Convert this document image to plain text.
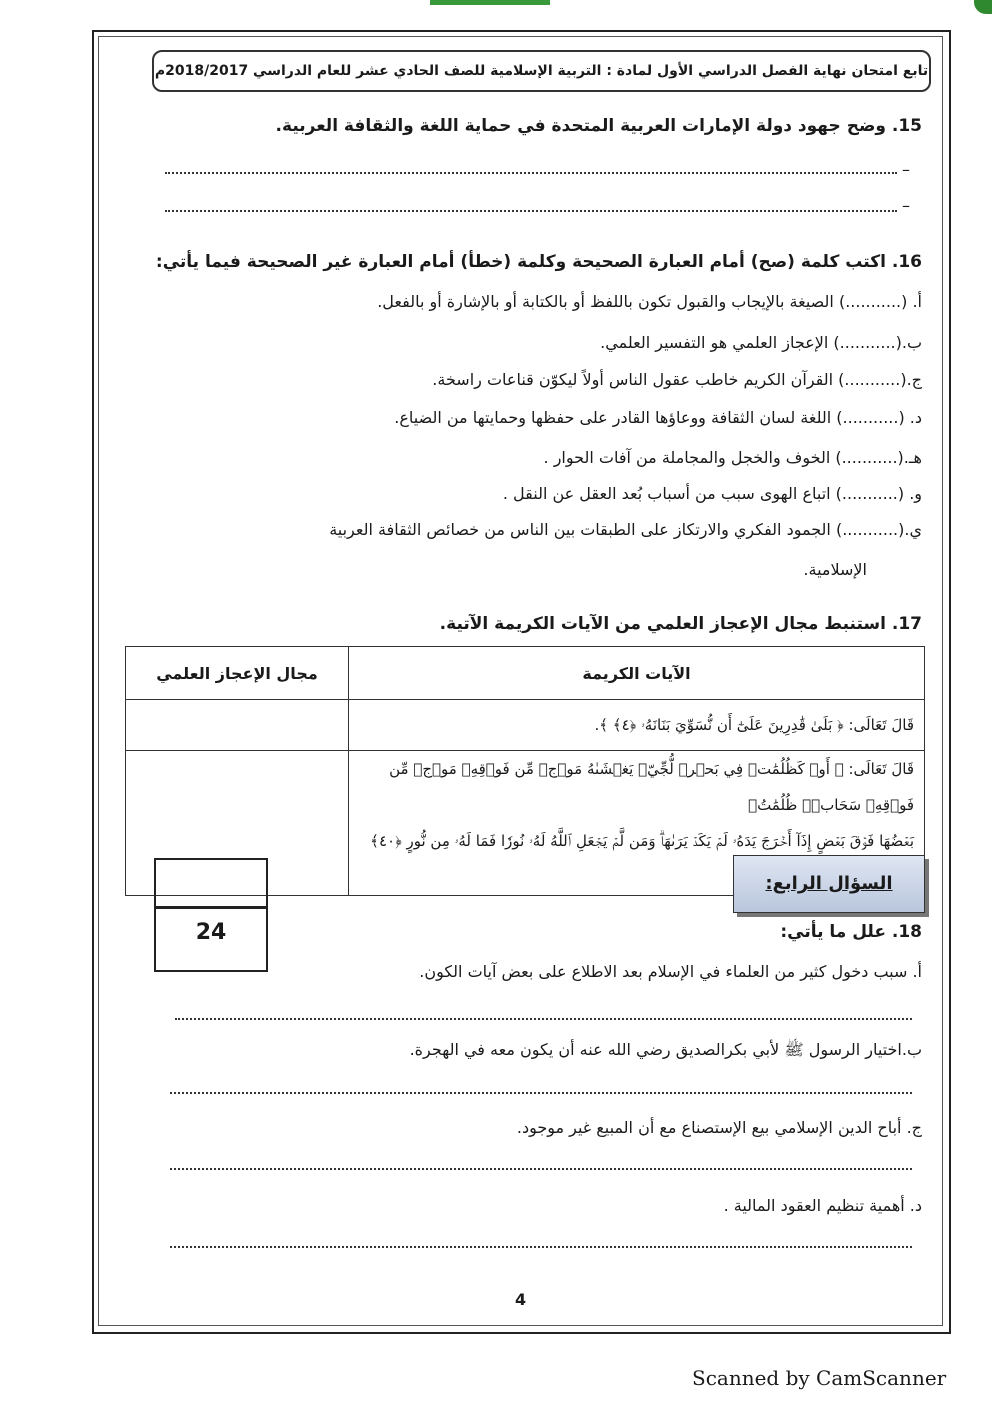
تابع امتحان نهاية الفصل الدراسي الأول لمادة : التربية الإسلامية للصف الحادي عشر للعام الدراسي 2018/2017م
15. وضح جهود دولة الإمارات العربية المتحدة في حماية اللغة والثقافة العربية.
–
–
16. اكتب كلمة (صح) أمام العبارة الصحيحة وكلمة (خطأ) أمام العبارة غير الصحيحة فيما يأتي:
أ. (...........) الصيغة بالإيجاب والقبول تكون باللفظ أو بالكتابة أو بالإشارة أو بالفعل.
ب.(...........) الإعجاز العلمي هو التفسير العلمي.
ج.(...........) القرآن الكريم خاطب عقول الناس أولاً ليكوّن قناعات راسخة.
د. (...........) اللغة لسان الثقافة ووعاؤها القادر على حفظها وحمايتها من الضياع.
هـ.(...........) الخوف والخجل والمجاملة من آفات الحوار .
و. (...........) اتباع الهوى سبب من أسباب بُعد العقل عن النقل .
ي.(...........) الجمود الفكري والارتكاز على الطبقات بين الناس من خصائص الثقافة العربية
الإسلامية.
17. استنبط مجال الإعجاز العلمي من الآيات الكريمة الآتية.
الآيات الكريمة	مجال الإعجاز العلمي
قَالَ تَعَالَى: ﴿ بَلَىٰ قَٰدِرِينَ عَلَىٰٓ أَن نُّسَوِّيَ بَنَانَهُۥ ﴿٤﴾ ﴾.	

قَالَ تَعَالَى: ﴿ أَوۡ كَظُلُمَٰتٖ فِي بَحۡرٖ لُّجِّيّٖ يَغۡشَىٰهُ مَوۡجٞ مِّن فَوۡقِهِۦ مَوۡجٞ مِّن فَوۡقِهِۦ سَحَابٞۚ ظُلُمَٰتُۢ
بَعۡضُهَا فَوۡقَ بَعۡضٍ إِذَآ أَخۡرَجَ يَدَهُۥ لَمۡ يَكَدۡ يَرَىٰهَاۗ وَمَن لَّمۡ يَجۡعَلِ ٱللَّهُ لَهُۥ نُورٗا فَمَا لَهُۥ مِن نُّورٍ ﴿٤٠﴾	

24
السؤال الرابع:
18. علل ما يأتي:
أ. سبب دخول كثير من العلماء في الإسلام بعد الاطلاع على بعض آيات الكون.
ب.اختيار الرسول ﷺ لأبي بكرالصديق رضي الله عنه أن يكون معه في الهجرة.
ج. أباح الدين الإسلامي بيع الإستصناع مع أن المبيع غير موجود.
د. أهمية تنظيم العقود المالية .
4
Scanned by CamScanner
